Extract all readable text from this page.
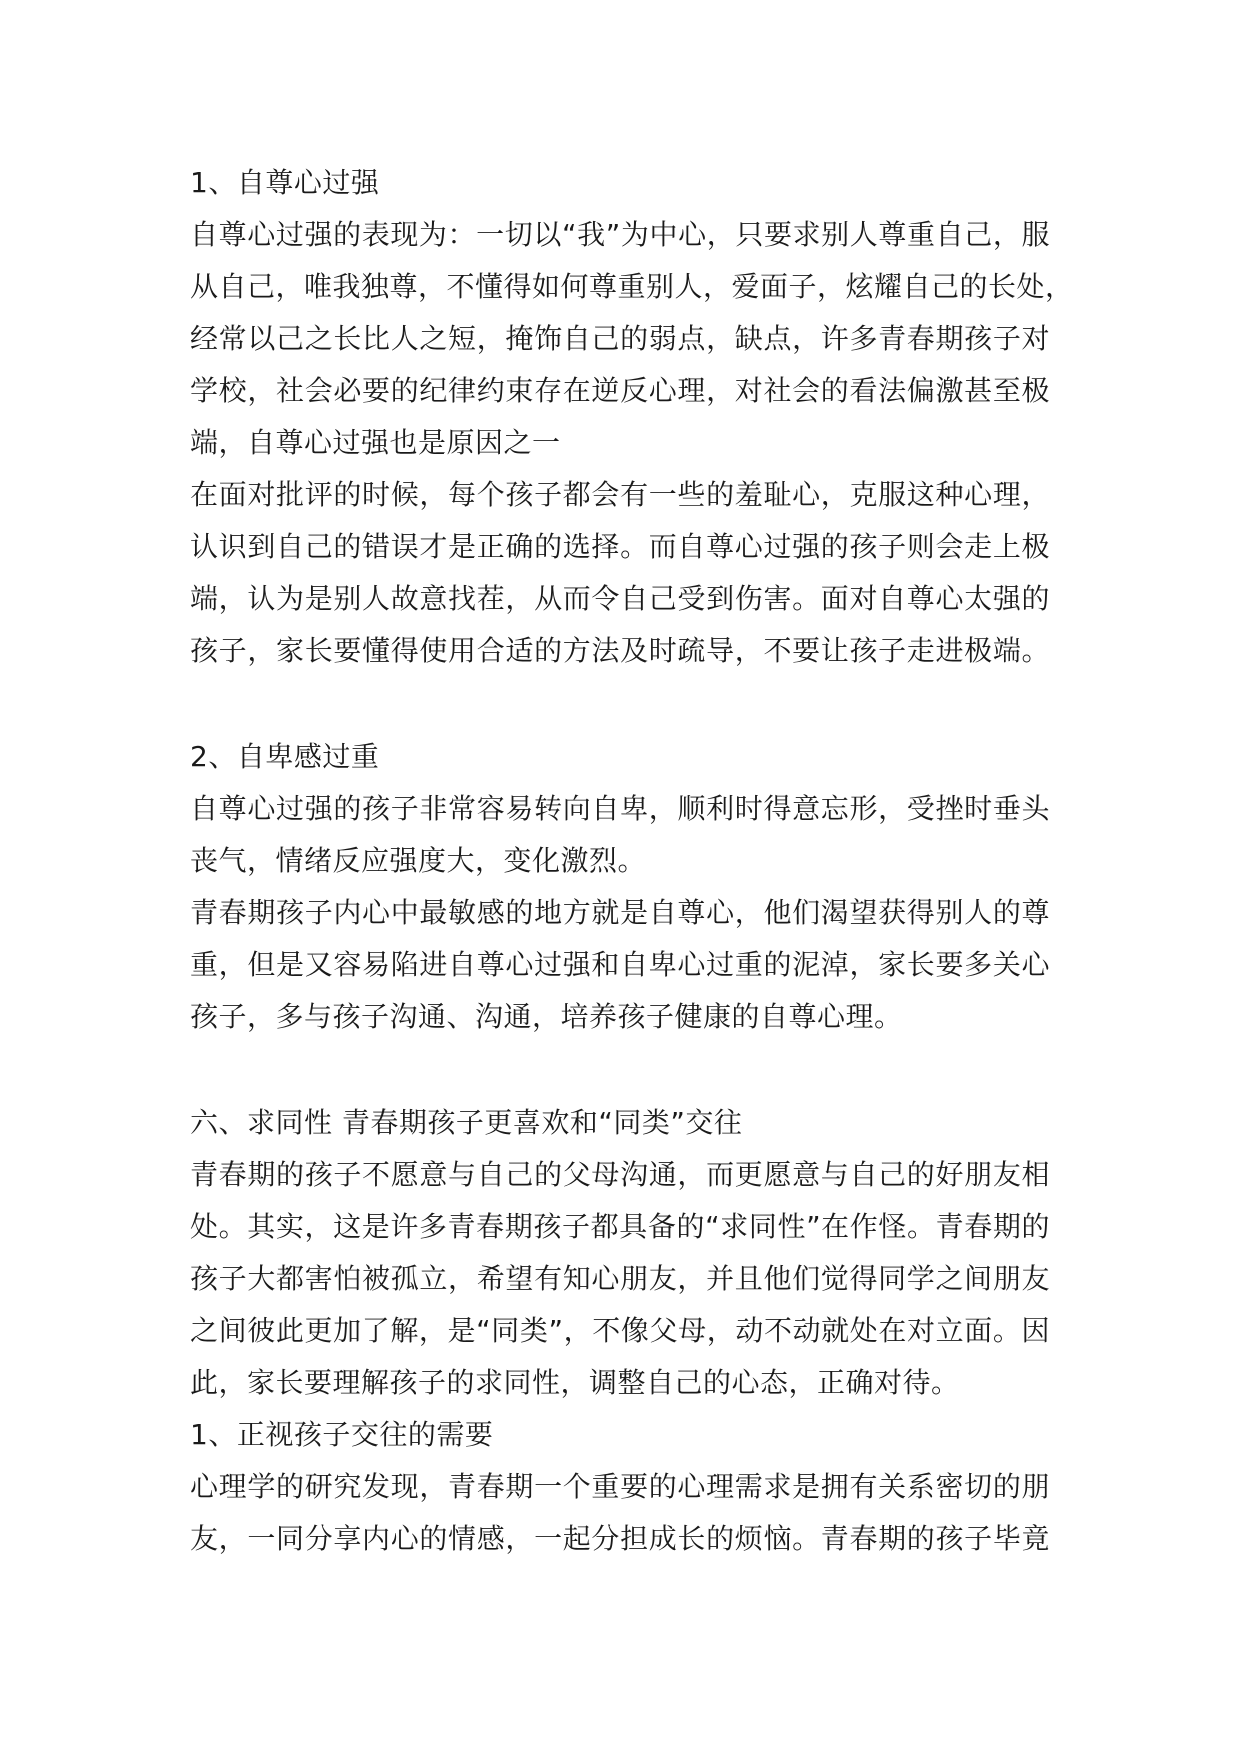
1、自尊心过强
自尊心过强的表现为：一切以“我”为中心，只要求别人尊重自己，服
从自己，唯我独尊，不懂得如何尊重别人，爱面子，炫耀自己的长处，
经常以己之长比人之短，掩饰自己的弱点，缺点，许多青春期孩子对
学校，社会必要的纪律约束存在逆反心理，对社会的看法偏激甚至极
端，自尊心过强也是原因之一
在面对批评的时候，每个孩子都会有一些的羞耻心，克服这种心理，
认识到自己的错误才是正确的选择。而自尊心过强的孩子则会走上极
端，认为是别人故意找茬，从而令自己受到伤害。面对自尊心太强的
孩子，家长要懂得使用合适的方法及时疏导，不要让孩子走进极端。
2、自卑感过重
自尊心过强的孩子非常容易转向自卑，顺利时得意忘形，受挫时垂头
丧气，情绪反应强度大，变化激烈。
青春期孩子内心中最敏感的地方就是自尊心，他们渴望获得别人的尊
重，但是又容易陷进自尊心过强和自卑心过重的泥淖，家长要多关心
孩子，多与孩子沟通、沟通，培养孩子健康的自尊心理。
六、求同性 青春期孩子更喜欢和“同类”交往
青春期的孩子不愿意与自己的父母沟通，而更愿意与自己的好朋友相
处。其实，这是许多青春期孩子都具备的“求同性”在作怪。青春期的
孩子大都害怕被孤立，希望有知心朋友，并且他们觉得同学之间朋友
之间彼此更加了解，是“同类”，不像父母，动不动就处在对立面。因
此，家长要理解孩子的求同性，调整自己的心态，正确对待。
1、正视孩子交往的需要
心理学的研究发现，青春期一个重要的心理需求是拥有关系密切的朋
友，一同分享内心的情感，一起分担成长的烦恼。青春期的孩子毕竟
